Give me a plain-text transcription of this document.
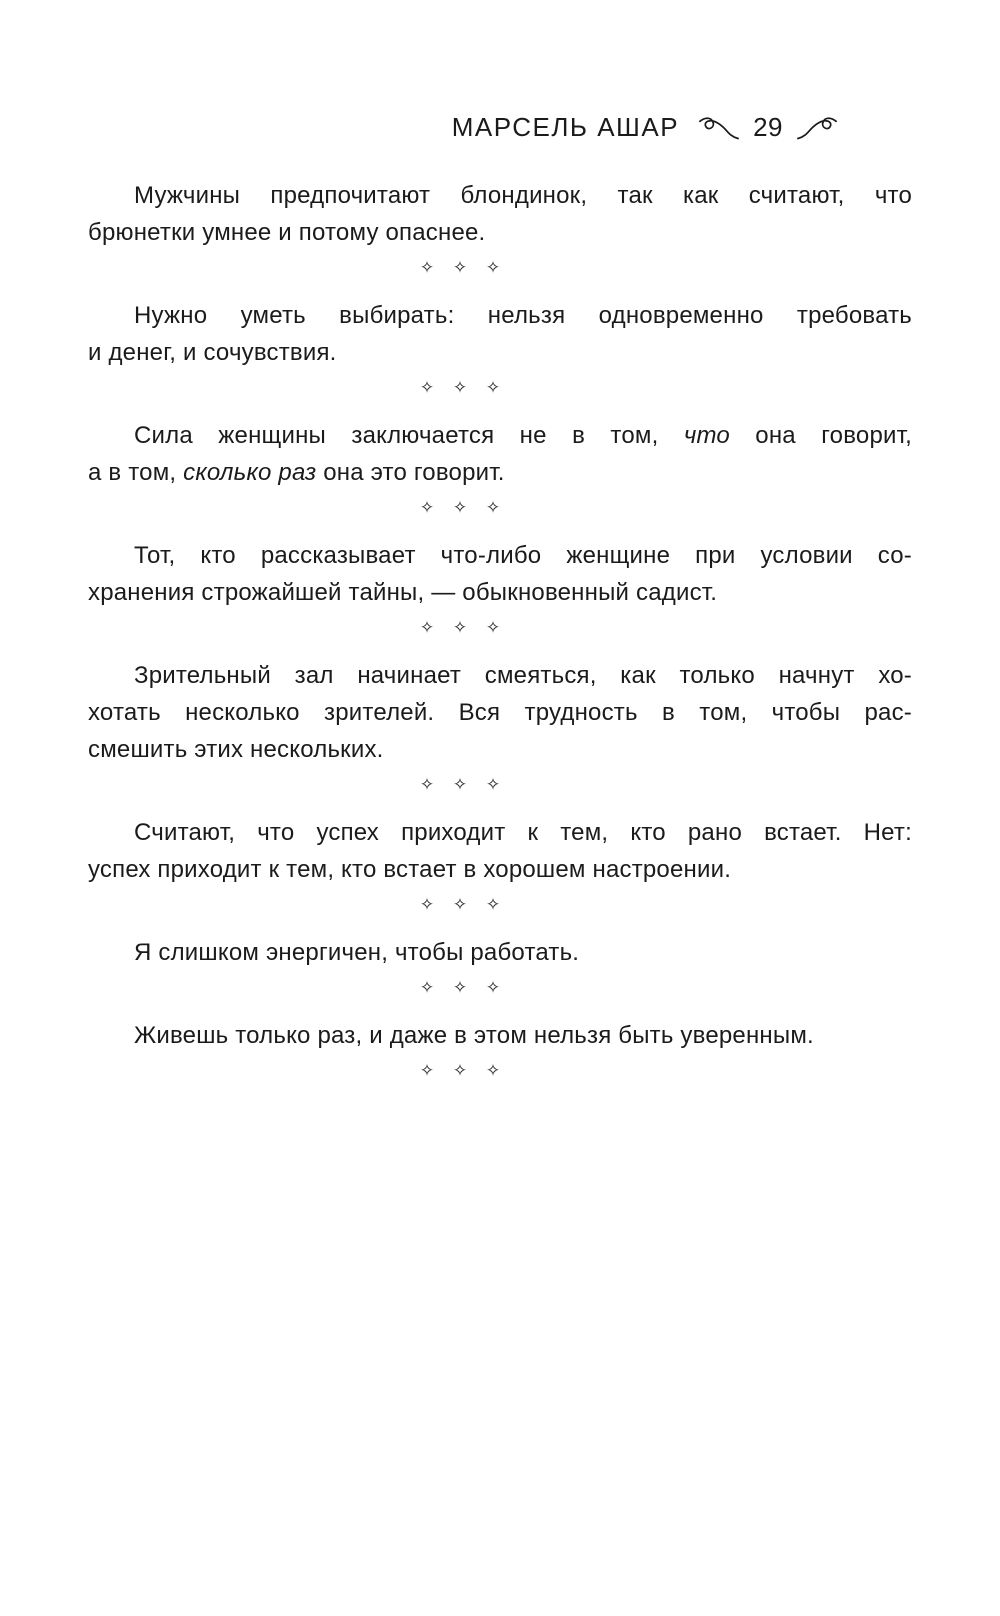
МАРСЕЛЬ АШАР	29
Мужчины предпочитают блондинок, так как считают, что
брюнетки умнее и потому опаснее.
✧ ✧ ✧
Нужно уметь выбирать: нельзя одновременно требовать
и денег, и сочувствия.
✧ ✧ ✧
Сила женщины заключается не в том, что она говорит,
а в том, сколько раз она это говорит.
✧ ✧ ✧
Тот, кто рассказывает что-либо женщине при условии со-
хранения строжайшей тайны, — обыкновенный садист.
✧ ✧ ✧
Зрительный зал начинает смеяться, как только начнут хо-
хотать несколько зрителей. Вся трудность в том, чтобы рас-
смешить этих нескольких.
✧ ✧ ✧
Считают, что успех приходит к тем, кто рано встает. Нет:
успех приходит к тем, кто встает в хорошем настроении.
✧ ✧ ✧
Я слишком энергичен, чтобы работать.
✧ ✧ ✧
Живешь только раз, и даже в этом нельзя быть уверенным.
✧ ✧ ✧
